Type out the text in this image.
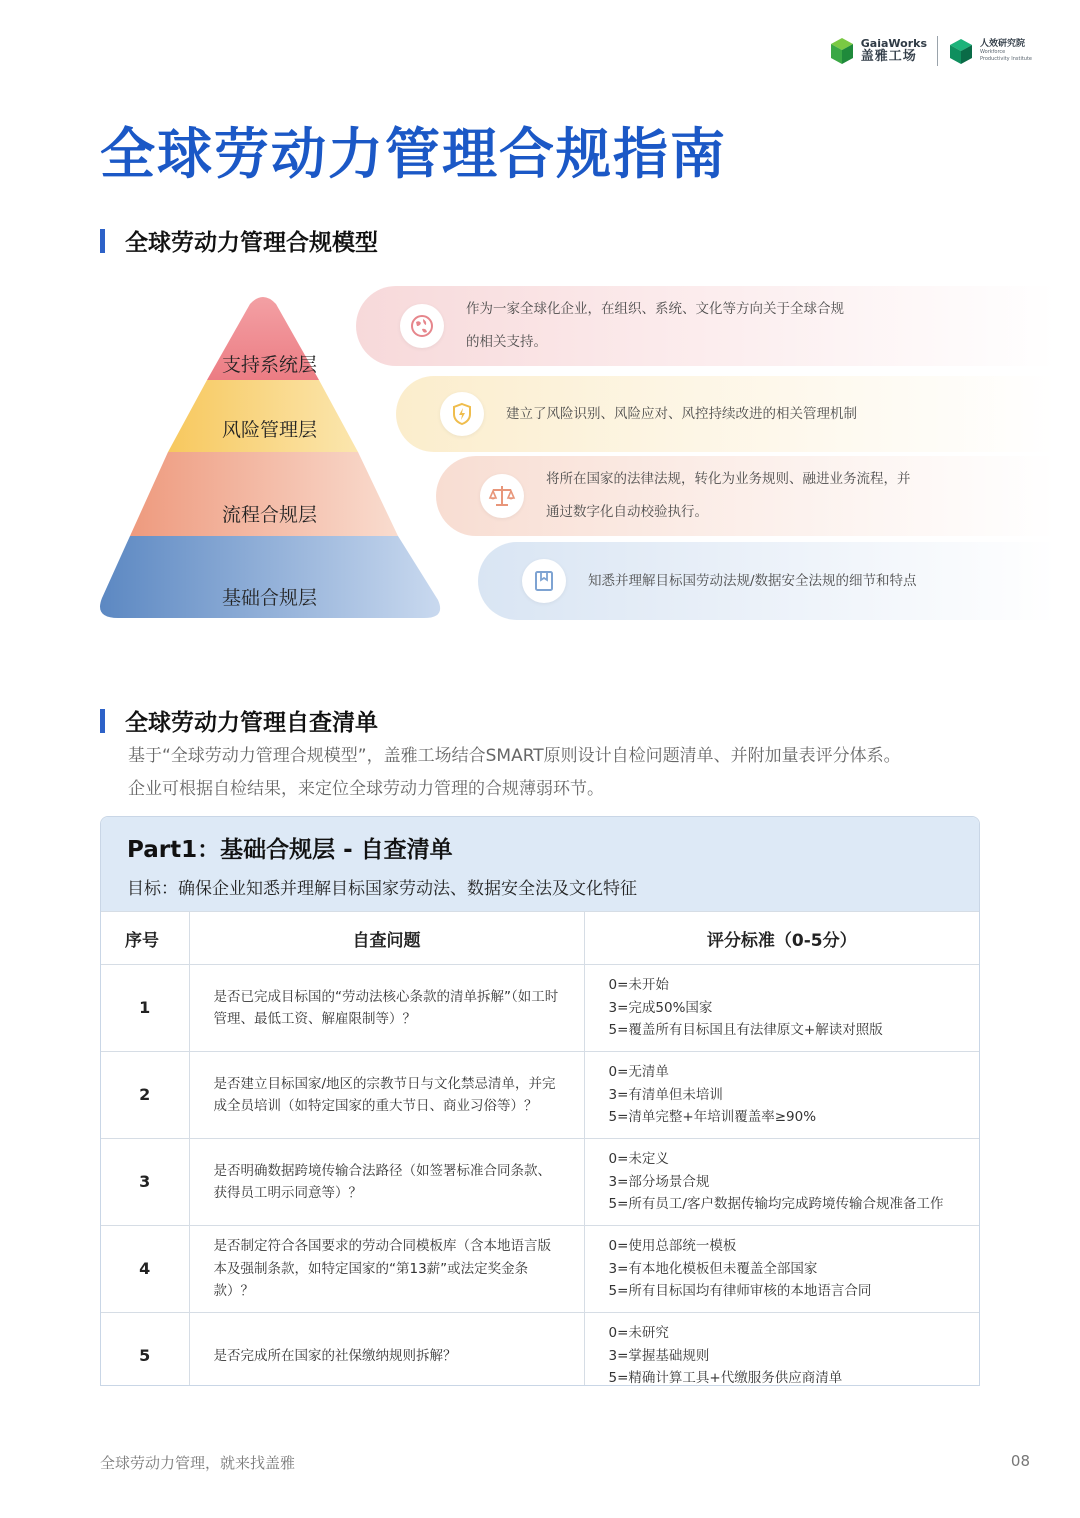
GaiaWorks
盖雅工场
人效研究院
Workforce
Productivity Institute
全球劳动力管理合规指南
全球劳动力管理合规模型
支持系统层
风险管理层
流程合规层
基础合规层
作为一家全球化企业，在组织、系统、文化等方向关于全球合规
的相关支持。
建立了风险识别、风险应对、风控持续改进的相关管理机制
将所在国家的法律法规，转化为业务规则、融进业务流程，并
通过数字化自动校验执行。
知悉并理解目标国劳动法规/数据安全法规的细节和特点
全球劳动力管理自查清单
基于“全球劳动力管理合规模型”，盖雅工场结合SMART原则设计自检问题清单、并附加量表评分体系。
企业可根据自检结果，来定位全球劳动力管理的合规薄弱环节。
Part1：基础合规层 - 自查清单
目标：确保企业知悉并理解目标国家劳动法、数据安全法及文化特征
序号	自查问题	评分标准（0-5分）
1	是否已完成目标国的“劳动法核心条款的清单拆解”（如工时管理、最低工资、解雇限制等）？	0=未开始
3=完成50%国家
5=覆盖所有目标国且有法律原文+解读对照版

2	是否建立目标国家/地区的宗教节日与文化禁忌清单，并完成全员培训（如特定国家的重大节日、商业习俗等）？	0=无清单
3=有清单但未培训
5=清单完整+年培训覆盖率≥90%

3	是否明确数据跨境传输合法路径（如签署标准合同条款、获得员工明示同意等）？	0=未定义
3=部分场景合规
5=所有员工/客户数据传输均完成跨境传输合规准备工作

4	是否制定符合各国要求的劳动合同模板库（含本地语言版本及强制条款，如特定国家的“第13薪”或法定奖金条款）？	0=使用总部统一模板
3=有本地化模板但未覆盖全部国家
5=所有目标国均有律师审核的本地语言合同

5	是否完成所在国家的社保缴纳规则拆解？	0=未研究
3=掌握基础规则
5=精确计算工具+代缴服务供应商清单
全球劳动力管理，就来找盖雅	08
